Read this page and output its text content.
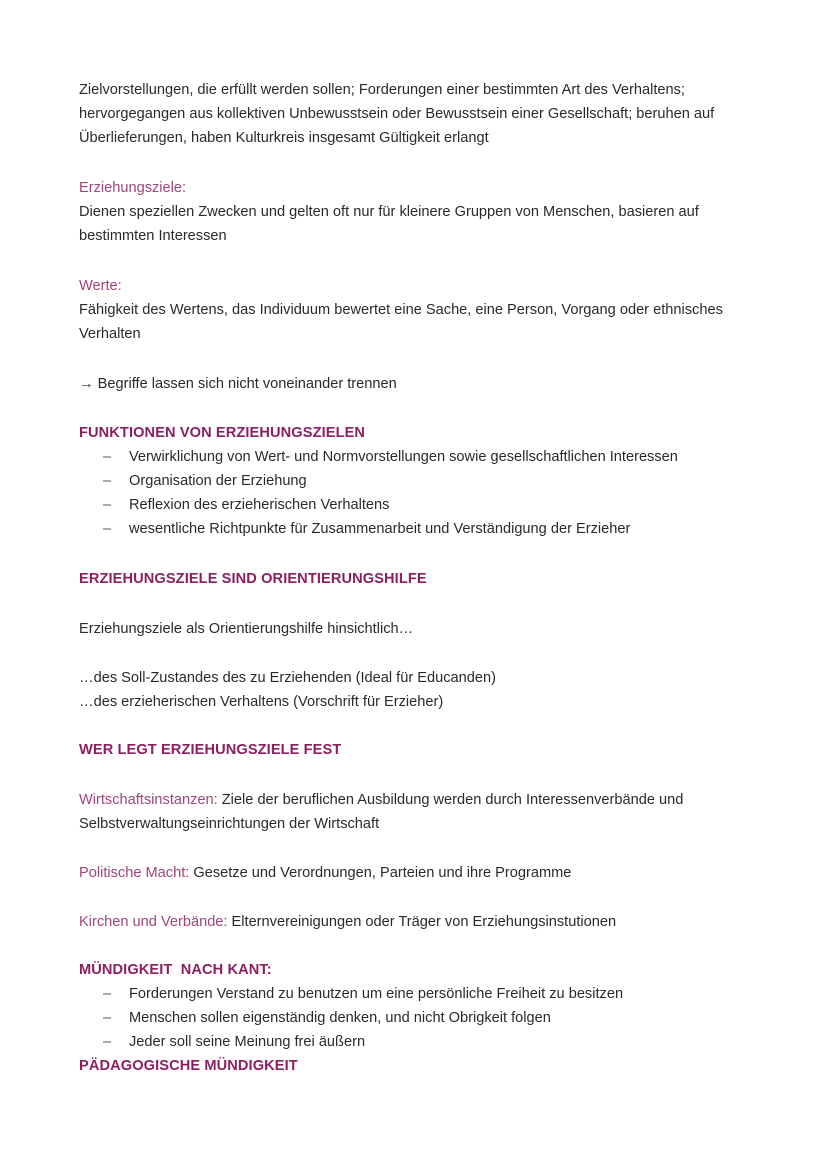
Zielvorstellungen, die erfüllt werden sollen; Forderungen einer bestimmten Art des Verhaltens;
hervorgegangen aus kollektiven Unbewusstsein oder Bewusstsein einer Gesellschaft; beruhen auf
Überlieferungen, haben Kulturkreis insgesamt Gültigkeit erlangt
Erziehungsziele:
Dienen speziellen Zwecken und gelten oft nur für kleinere Gruppen von Menschen, basieren auf
bestimmten Interessen
Werte:
Fähigkeit des Wertens, das Individuum bewertet eine Sache, eine Person, Vorgang oder ethnisches
Verhalten
→ Begriffe lassen sich nicht voneinander trennen
FUNKTIONEN VON ERZIEHUNGSZIELEN
– Verwirklichung von Wert- und Normvorstellungen sowie gesellschaftlichen Interessen
– Organisation der Erziehung
– Reflexion des erzieherischen Verhaltens
– wesentliche Richtpunkte für Zusammenarbeit und Verständigung der Erzieher
ERZIEHUNGSZIELE SIND ORIENTIERUNGSHILFE
Erziehungsziele als Orientierungshilfe hinsichtlich…
…des Soll-Zustandes des zu Erziehenden (Ideal für Educanden)
…des erzieherischen Verhaltens (Vorschrift für Erzieher)
WER LEGT ERZIEHUNGSZIELE FEST
Wirtschaftsinstanzen: Ziele der beruflichen Ausbildung werden durch Interessenverbände und
Selbstverwaltungseinrichtungen der Wirtschaft
Politische Macht: Gesetze und Verordnungen, Parteien und ihre Programme
Kirchen und Verbände: Elternvereinigungen oder Träger von Erziehungsinstutionen
MÜNDIGKEIT  NACH KANT:
– Forderungen Verstand zu benutzen um eine persönliche Freiheit zu besitzen
– Menschen sollen eigenständig denken, und nicht Obrigkeit folgen
– Jeder soll seine Meinung frei äußern
PÄDAGOGISCHE MÜNDIGKEIT
